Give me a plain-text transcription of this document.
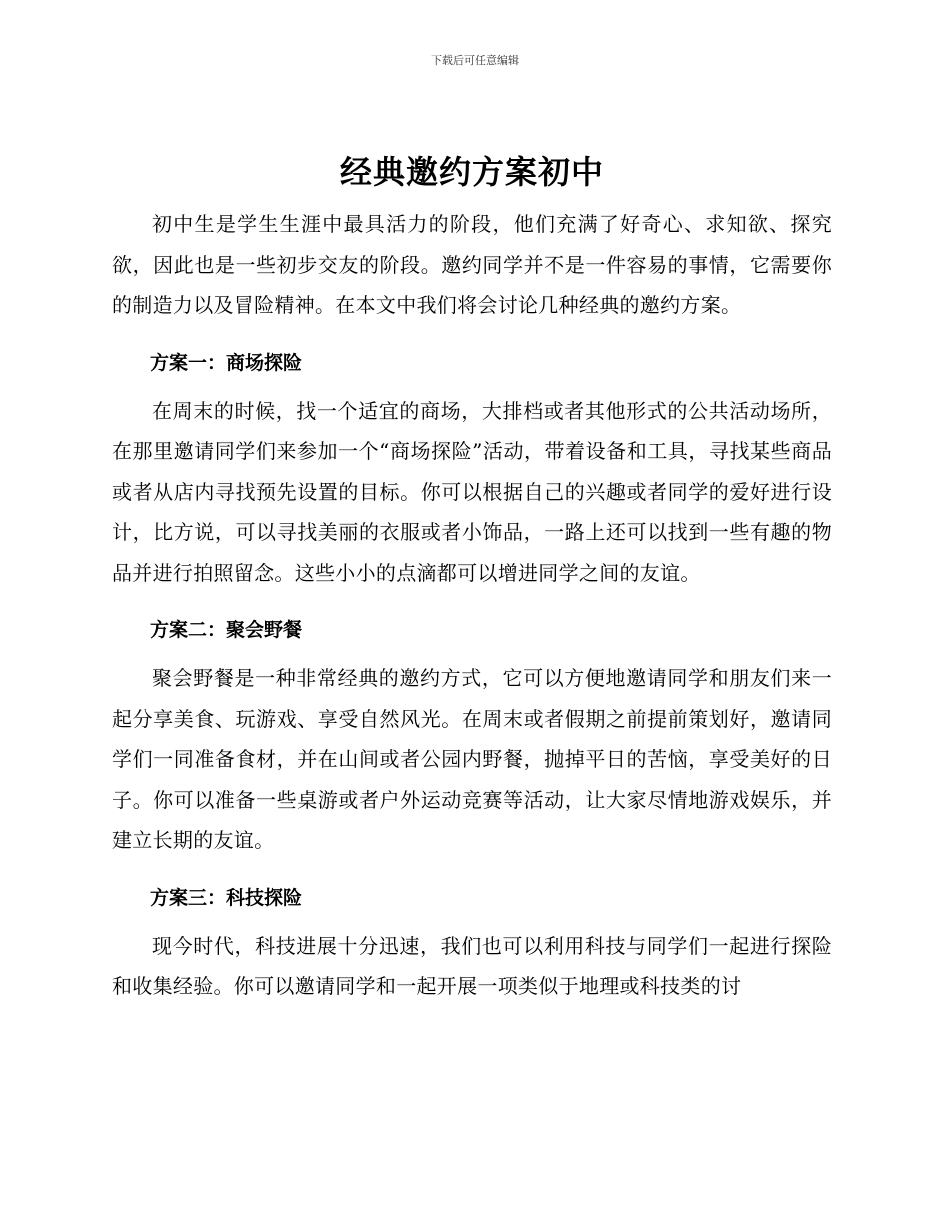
下载后可任意编辑
经典邀约方案初中

初中生是学生生涯中最具活力的阶段，他们充满了好奇心、求知欲、探究欲，因此也是一些初步交友的阶段。邀约同学并不是一件容易的事情，它需要你的制造力以及冒险精神。在本文中我们将会讨论几种经典的邀约方案。

方案一：商场探险

在周末的时候，找一个适宜的商场，大排档或者其他形式的公共活动场所，在那里邀请同学们来参加一个“商场探险”活动，带着设备和工具，寻找某些商品或者从店内寻找预先设置的目标。你可以根据自己的兴趣或者同学的爱好进行设计，比方说，可以寻找美丽的衣服或者小饰品，一路上还可以找到一些有趣的物品并进行拍照留念。这些小小的点滴都可以增进同学之间的友谊。

方案二：聚会野餐

聚会野餐是一种非常经典的邀约方式，它可以方便地邀请同学和朋友们来一起分享美食、玩游戏、享受自然风光。在周末或者假期之前提前策划好，邀请同学们一同准备食材，并在山间或者公园内野餐，抛掉平日的苦恼，享受美好的日子。你可以准备一些桌游或者户外运动竞赛等活动，让大家尽情地游戏娱乐，并建立长期的友谊。

方案三：科技探险

现今时代，科技进展十分迅速，我们也可以利用科技与同学们一起进行探险和收集经验。你可以邀请同学和一起开展一项类似于地理或科技类的讨
